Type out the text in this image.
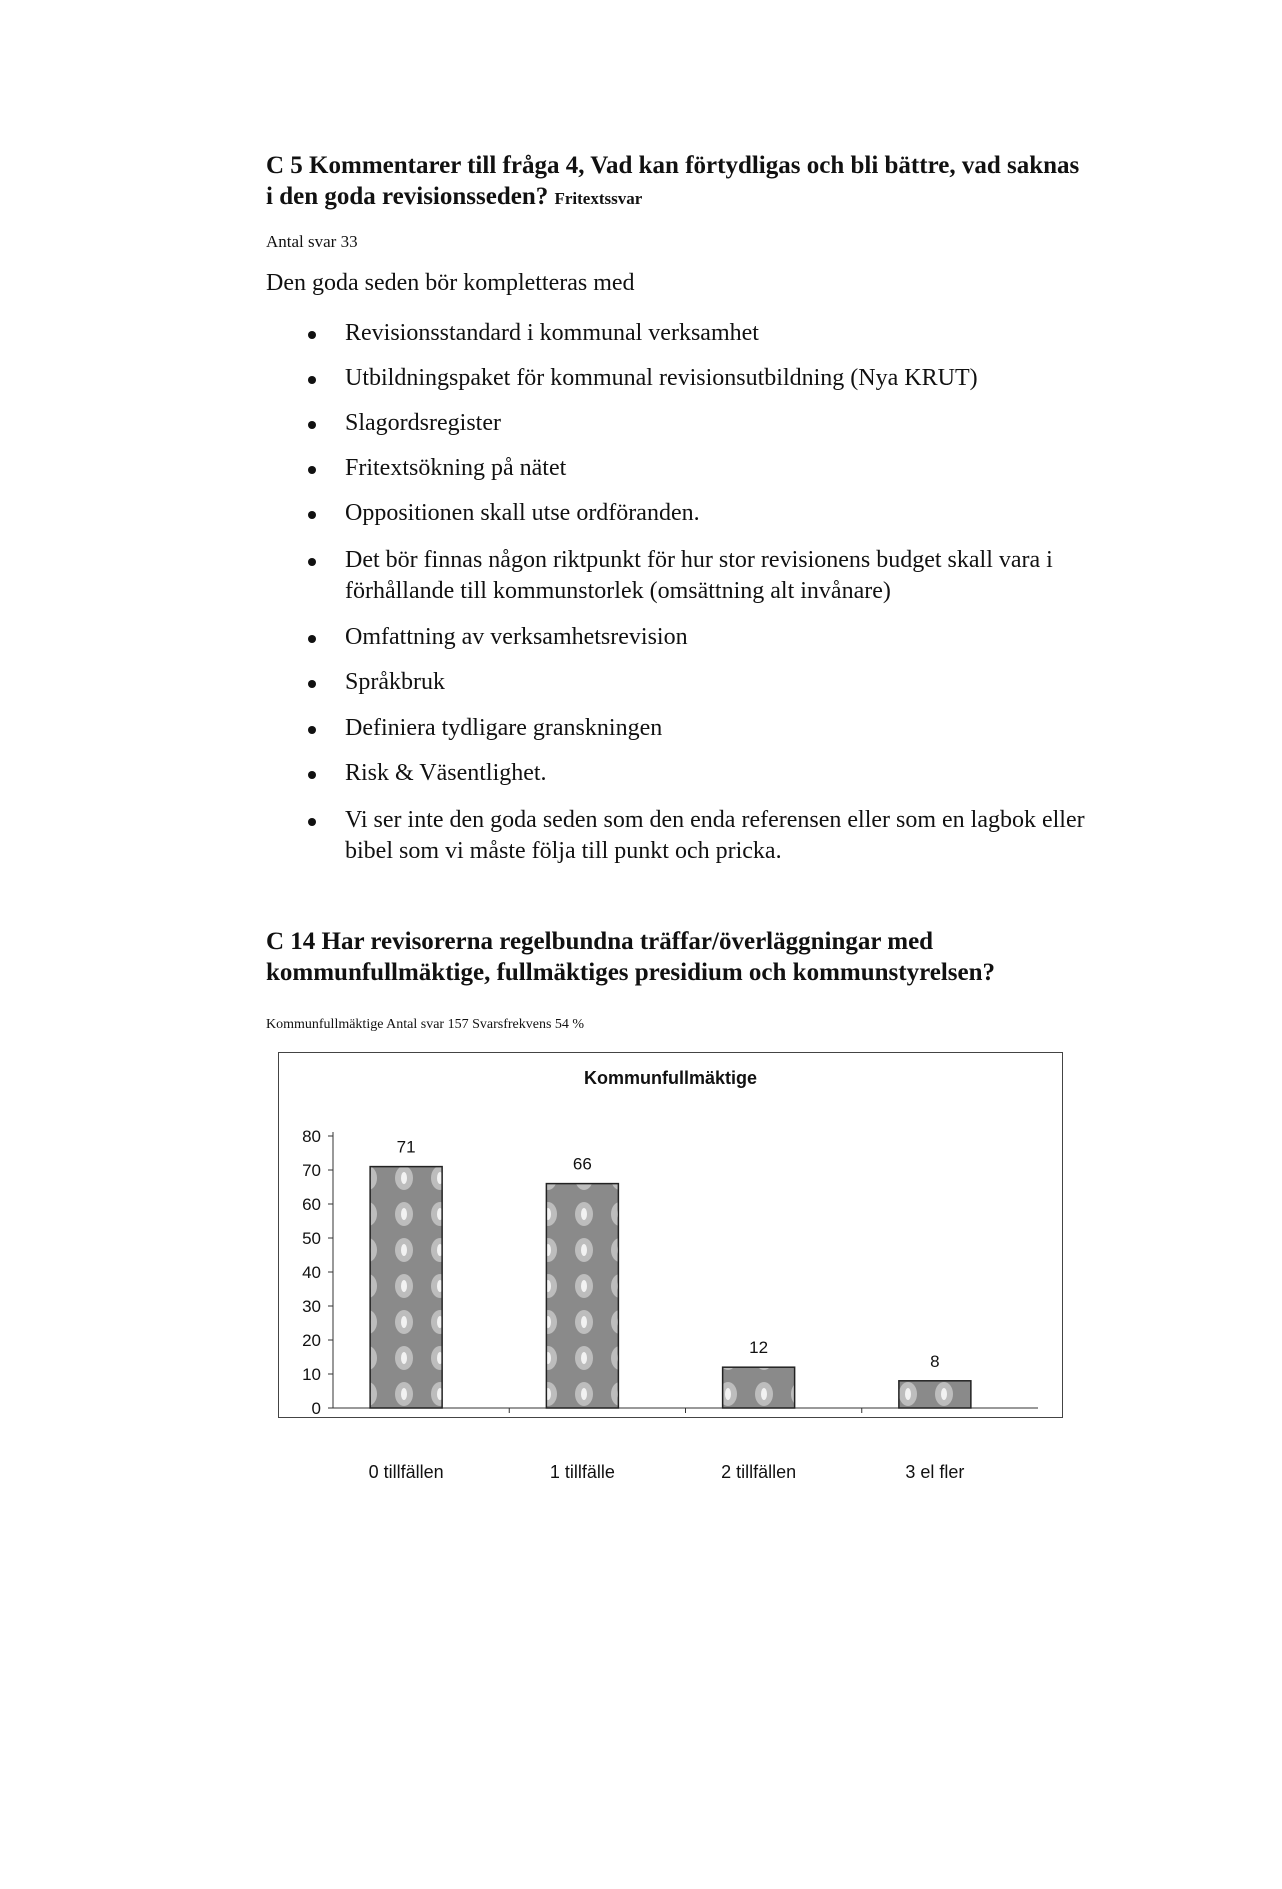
C 5 Kommentarer till fråga 4, Vad kan förtydligas och bli bättre, vad saknas i den goda revisionsseden? Fritextssvar

Antal svar 33

Den goda seden bör kompletteras med

Revisionsstandard i kommunal verksamhet
Utbildningspaket för kommunal revisionsutbildning (Nya KRUT)
Slagordsregister
Fritextsökning på nätet
Oppositionen skall utse ordföranden.
Det bör finnas någon riktpunkt för hur stor revisionens budget skall vara i förhållande till kommunstorlek (omsättning alt invånare)
Omfattning av verksamhetsrevision
Språkbruk
Definiera tydligare granskningen
Risk & Väsentlighet.
Vi ser inte den goda seden som den enda referensen eller som en lagbok eller bibel som vi måste följa till punkt och pricka.
C 14 Har revisorerna regelbundna träffar/överläggningar med kommunfullmäktige, fullmäktiges presidium och kommunstyrelsen?

Kommunfullmäktige Antal svar 157 Svarsfrekvens 54 %

0
10
20
30
40
50
60
70
80
71
66
12
8
Kommunfullmäktige
0 tillfällen	1 tillfälle	2 tillfällen	3 el fler
